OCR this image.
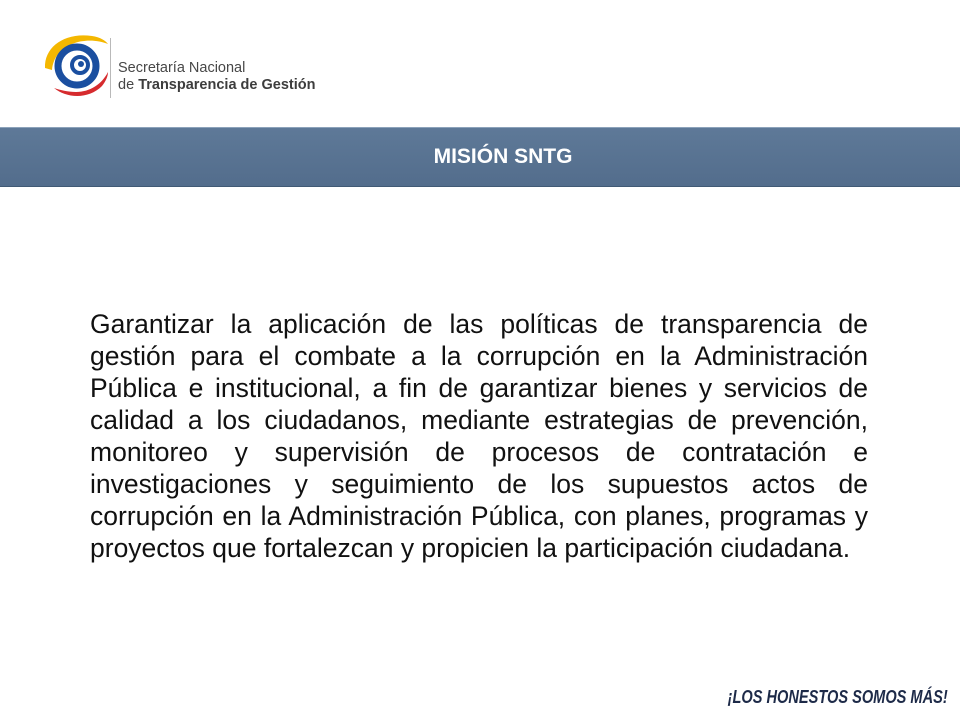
Secretaría Nacional
de Transparencia de Gestión
MISIÓN SNTG
Garantizar la aplicación de las políticas de transparencia de
gestión para el combate a la corrupción en la Administración
Pública e institucional, a fin de garantizar bienes y servicios de
calidad a los ciudadanos, mediante estrategias de prevención,
monitoreo y supervisión de procesos de contratación e
investigaciones y seguimiento de los supuestos actos de
corrupción en la Administración Pública, con planes, programas y
proyectos que fortalezcan y propicien la participación ciudadana.
¡LOS HONESTOS SOMOS MÁS!
